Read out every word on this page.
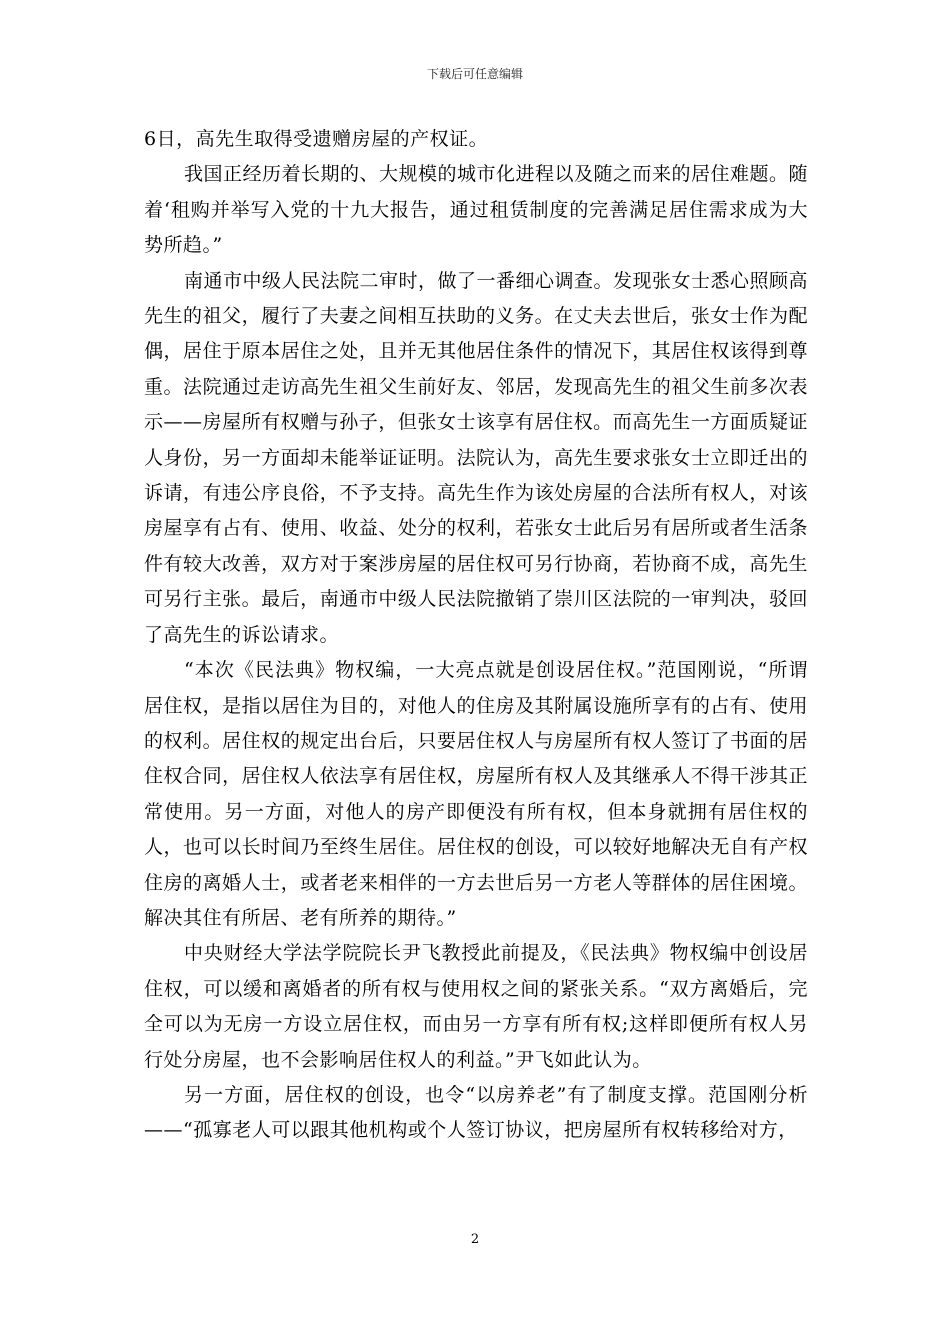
下载后可任意编辑

6日，高先生取得受遗赠房屋的产权证。

我国正经历着长期的、大规模的城市化进程以及随之而来的居住难题。随着‘租购并举写入党的十九大报告，通过租赁制度的完善满足居住需求成为大势所趋。”

南通市中级人民法院二审时，做了一番细心调查。发现张女士悉心照顾高先生的祖父，履行了夫妻之间相互扶助的义务。在丈夫去世后，张女士作为配偶，居住于原本居住之处，且并无其他居住条件的情况下，其居住权该得到尊重。法院通过走访高先生祖父生前好友、邻居，发现高先生的祖父生前多次表示——房屋所有权赠与孙子，但张女士该享有居住权。而高先生一方面质疑证人身份，另一方面却未能举证证明。法院认为，高先生要求张女士立即迁出的诉请，有违公序良俗，不予支持。高先生作为该处房屋的合法所有权人，对该房屋享有占有、使用、收益、处分的权利，若张女士此后另有居所或者生活条件有较大改善，双方对于案涉房屋的居住权可另行协商，若协商不成，高先生可另行主张。最后，南通市中级人民法院撤销了崇川区法院的一审判决，驳回了高先生的诉讼请求。

“本次《民法典》物权编，一大亮点就是创设居住权。”范国刚说，“所谓居住权，是指以居住为目的，对他人的住房及其附属设施所享有的占有、使用的权利。居住权的规定出台后，只要居住权人与房屋所有权人签订了书面的居住权合同，居住权人依法享有居住权，房屋所有权人及其继承人不得干涉其正常使用。另一方面，对他人的房产即便没有所有权，但本身就拥有居住权的人，也可以长时间乃至终生居住。居住权的创设，可以较好地解决无自有产权住房的离婚人士，或者老来相伴的一方去世后另一方老人等群体的居住困境。解决其住有所居、老有所养的期待。”

中央财经大学法学院院长尹飞教授此前提及，《民法典》物权编中创设居住权，可以缓和离婚者的所有权与使用权之间的紧张关系。“双方离婚后，完全可以为无房一方设立居住权，而由另一方享有所有权;这样即便所有权人另行处分房屋，也不会影响居住权人的利益。”尹飞如此认为。

另一方面，居住权的创设，也令“以房养老”有了制度支撑。范国刚分析——“孤寡老人可以跟其他机构或个人签订协议，把房屋所有权转移给对方，

2
